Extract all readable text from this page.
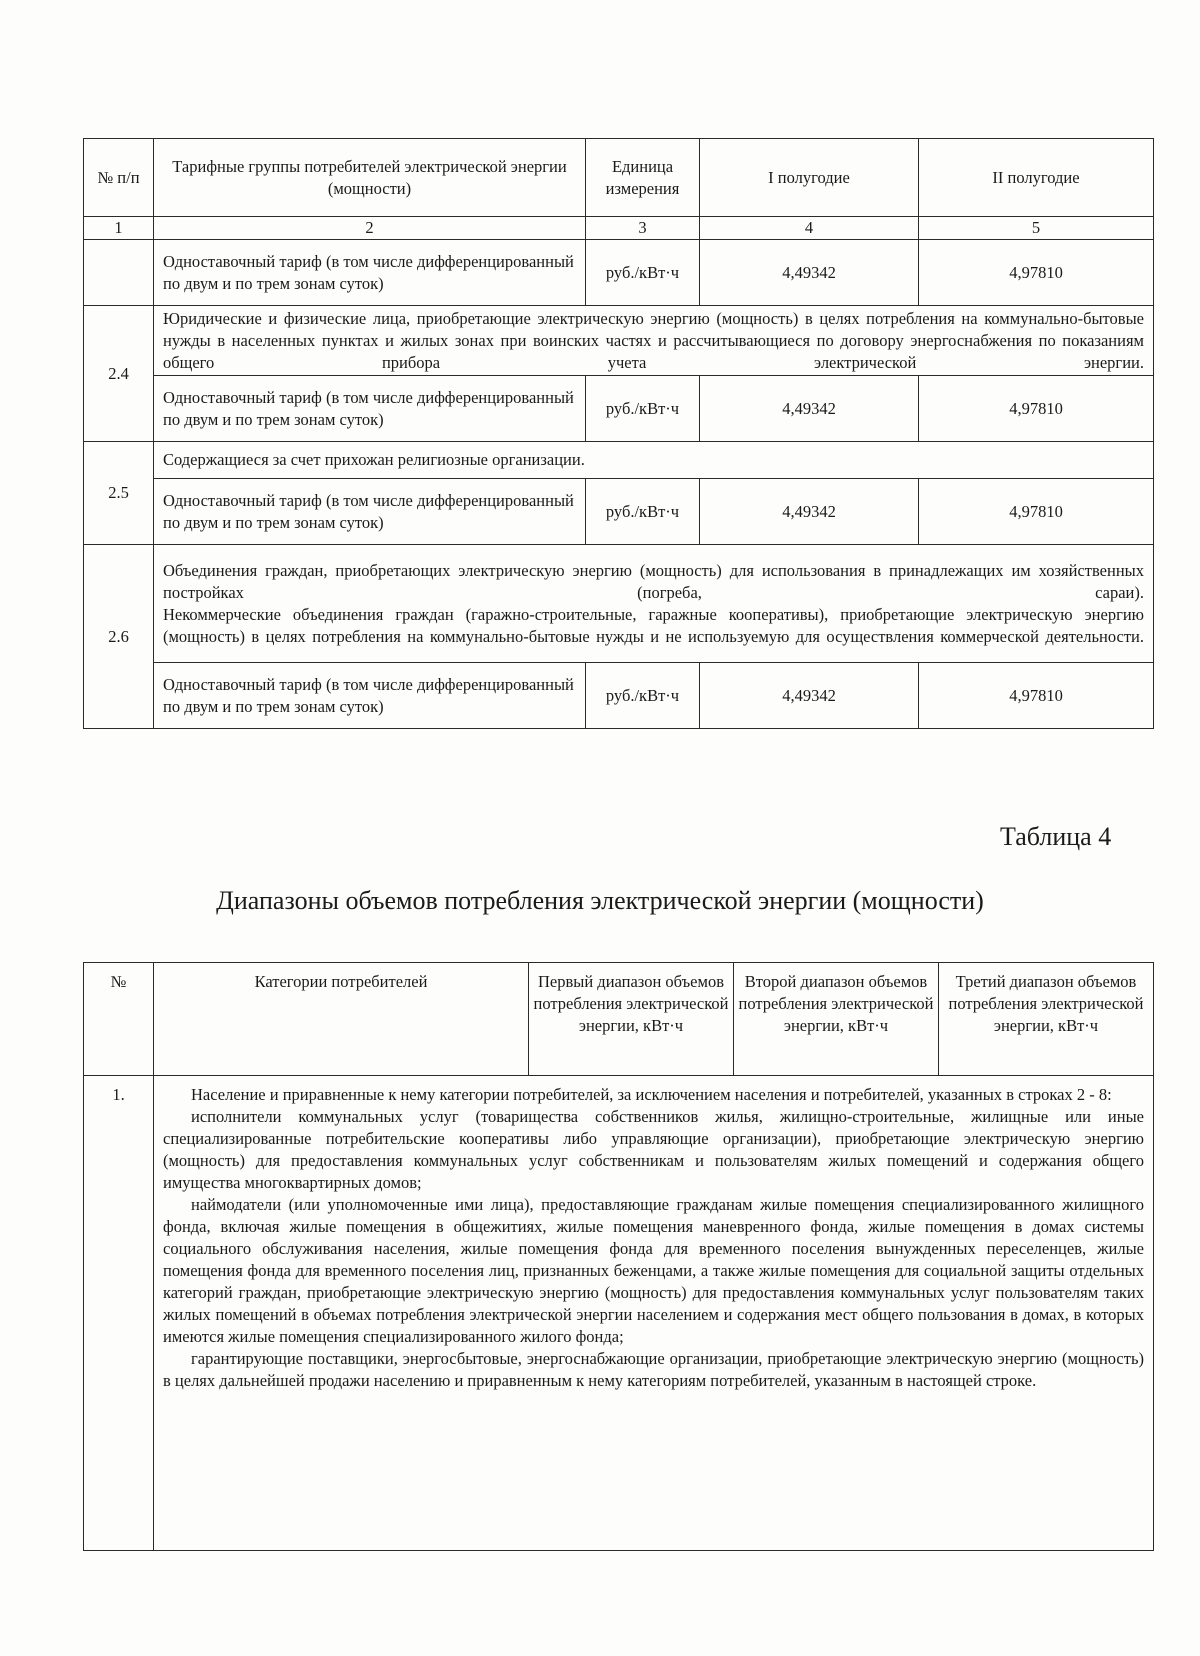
№ п/п	Тарифные группы потребителей электрической энергии (мощности)	Единица измерения	I полугодие	II полугодие
1	2	3	4	5
	Одноставочный тариф (в том числе дифференцированный по двум и по трем зонам суток)	руб./кВт·ч	4,49342	4,97810
2.4	Юридические и физические лица, приобретающие электрическую энергию (мощность) в целях потребления на коммунально-бытовые нужды в населенных пунктах и жилых зонах при воинских частях и рассчитывающиеся по договору энергоснабжения по показаниям общего прибора учета электрической энергии.			
	Одноставочный тариф (в том числе дифференцированный по двум и по трем зонам суток)	руб./кВт·ч	4,49342	4,97810
2.5	Содержащиеся за счет прихожан религиозные организации.			
	Одноставочный тариф (в том числе дифференцированный по двум и по трем зонам суток)	руб./кВт·ч	4,49342	4,97810
2.6	Объединения граждан, приобретающих электрическую энергию (мощность) для использования в принадлежащих им хозяйственных постройках (погреба, сараи).
Некоммерческие объединения граждан (гаражно-строительные, гаражные кооперативы), приобретающие электрическую энергию (мощность) в целях потребления на коммунально-бытовые нужды и не используемую для осуществления коммерческой деятельности.			

	Одноставочный тариф (в том числе дифференцированный по двум и по трем зонам суток)	руб./кВт·ч	4,49342	4,97810
Таблица 4
Диапазоны объемов потребления электрической энергии (мощности)
№	Категории потребителей	Первый диапазон объемов потребления электрической энергии, кВт·ч	Второй диапазон объемов потребления электрической энергии, кВт·ч	Третий диапазон объемов потребления электрической энергии, кВт·ч
1.	Население и приравненные к нему категории потребителей, за исключением населения и потребителей, указанных в строках 2 - 8:

исполнители коммунальных услуг (товарищества собственников жилья, жилищно-строительные, жилищные или иные специализированные потребительские кооперативы либо управляющие организации), приобретающие электрическую энергию (мощность) для предоставления коммунальных услуг собственникам и пользователям жилых помещений и содержания общего имущества многоквартирных домов;

наймодатели (или уполномоченные ими лица), предоставляющие гражданам жилые помещения специализированного жилищного фонда, включая жилые помещения в общежитиях, жилые помещения маневренного фонда, жилые помещения в домах системы социального обслуживания населения, жилые помещения фонда для временного поселения вынужденных переселенцев, жилые помещения фонда для временного поселения лиц, признанных беженцами, а также жилые помещения для социальной защиты отдельных категорий граждан, приобретающие электрическую энергию (мощность) для предоставления коммунальных услуг пользователям таких жилых помещений в объемах потребления электрической энергии населением и содержания мест общего пользования в домах, в которых имеются жилые помещения специализированного жилого фонда;

гарантирующие поставщики, энергосбытовые, энергоснабжающие организации, приобретающие электрическую энергию (мощность) в целях дальнейшей продажи населению и приравненным к нему категориям потребителей, указанным в настоящей строке.			
